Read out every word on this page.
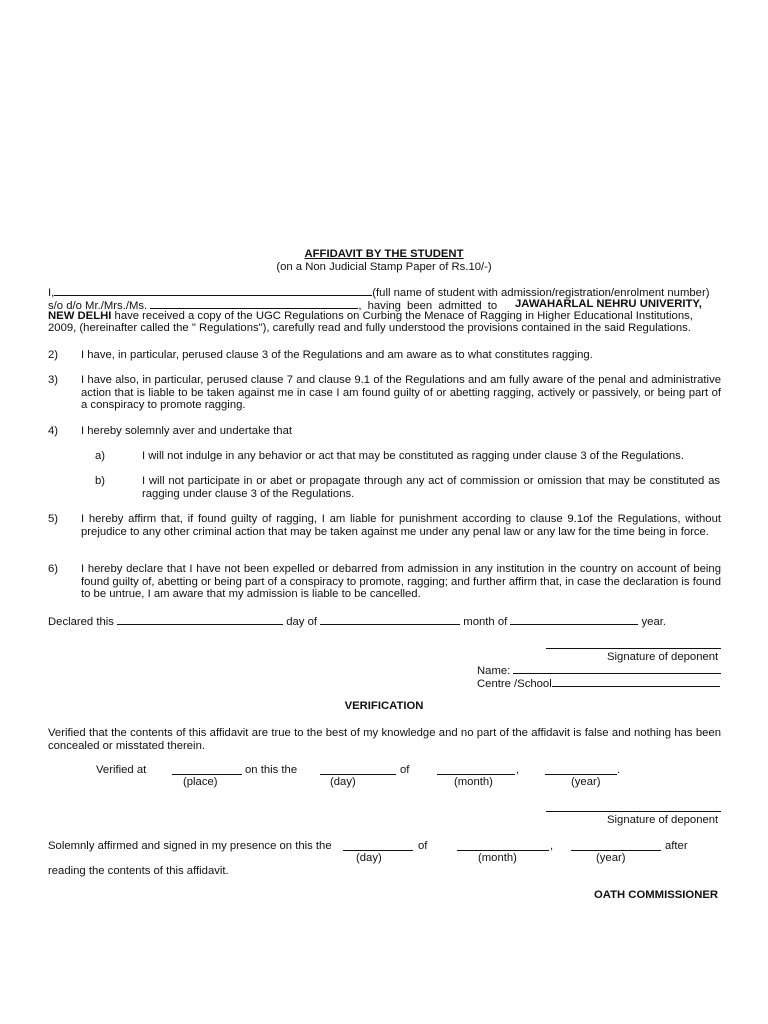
AFFIDAVIT BY THE STUDENT
(on a Non Judicial Stamp Paper of Rs.10/-)
I,	(full name of student with admission/registration/enrolment number)
s/o d/o Mr./Mrs./Ms.	, having been admitted to JAWAHARLAL NEHRU UNIVERITY,
NEW DELHI have received a copy of the UGC Regulations on Curbing the Menace of Ragging in Higher Educational Institutions,
2009, (hereinafter called the " Regulations"), carefully read and fully understood the provisions contained in the said Regulations.
2) I have, in particular, perused clause 3 of the Regulations and am aware as to what constitutes ragging.
3) I have also, in particular, perused clause 7 and clause 9.1 of the Regulations and am fully aware of the penal and administrative action that is liable to be taken against me in case I am found guilty of or abetting ragging, actively or passively, or being part of a conspiracy to promote ragging.
4) I hereby solemnly aver and undertake that
a)	I will not indulge in any behavior or act that may be constituted as ragging under clause 3 of the Regulations.
b)	I will not participate in or abet or propagate through any act of commission or omission that may be constituted as ragging under clause 3 of the Regulations.
5) I hereby affirm that, if found guilty of ragging, I am liable for punishment according to clause 9.1of the Regulations, without prejudice to any other criminal action that may be taken against me under any penal law or any law for the time being in force.
6) I hereby declare that I have not been expelled or debarred from admission in any institution in the country on account of being found guilty of, abetting or being part of a conspiracy to promote, ragging; and further affirm that, in case the declaration is found to be untrue, I am aware that my admission is liable to be cancelled.
Declared this	day of	month of	year.
Signature of deponent
Name:
Centre /School
VERIFICATION
Verified that the contents of this affidavit are true to the best of my knowledge and no part of the affidavit is false and nothing has been concealed or misstated therein.
Verified at	on this the	of	,	.
(place)	(day)	(month)	(year)
Signature of deponent
Solemnly affirmed and signed in my presence on this the	of	,	after
(day)	(month)	(year)
reading the contents of this affidavit.
OATH COMMISSIONER
